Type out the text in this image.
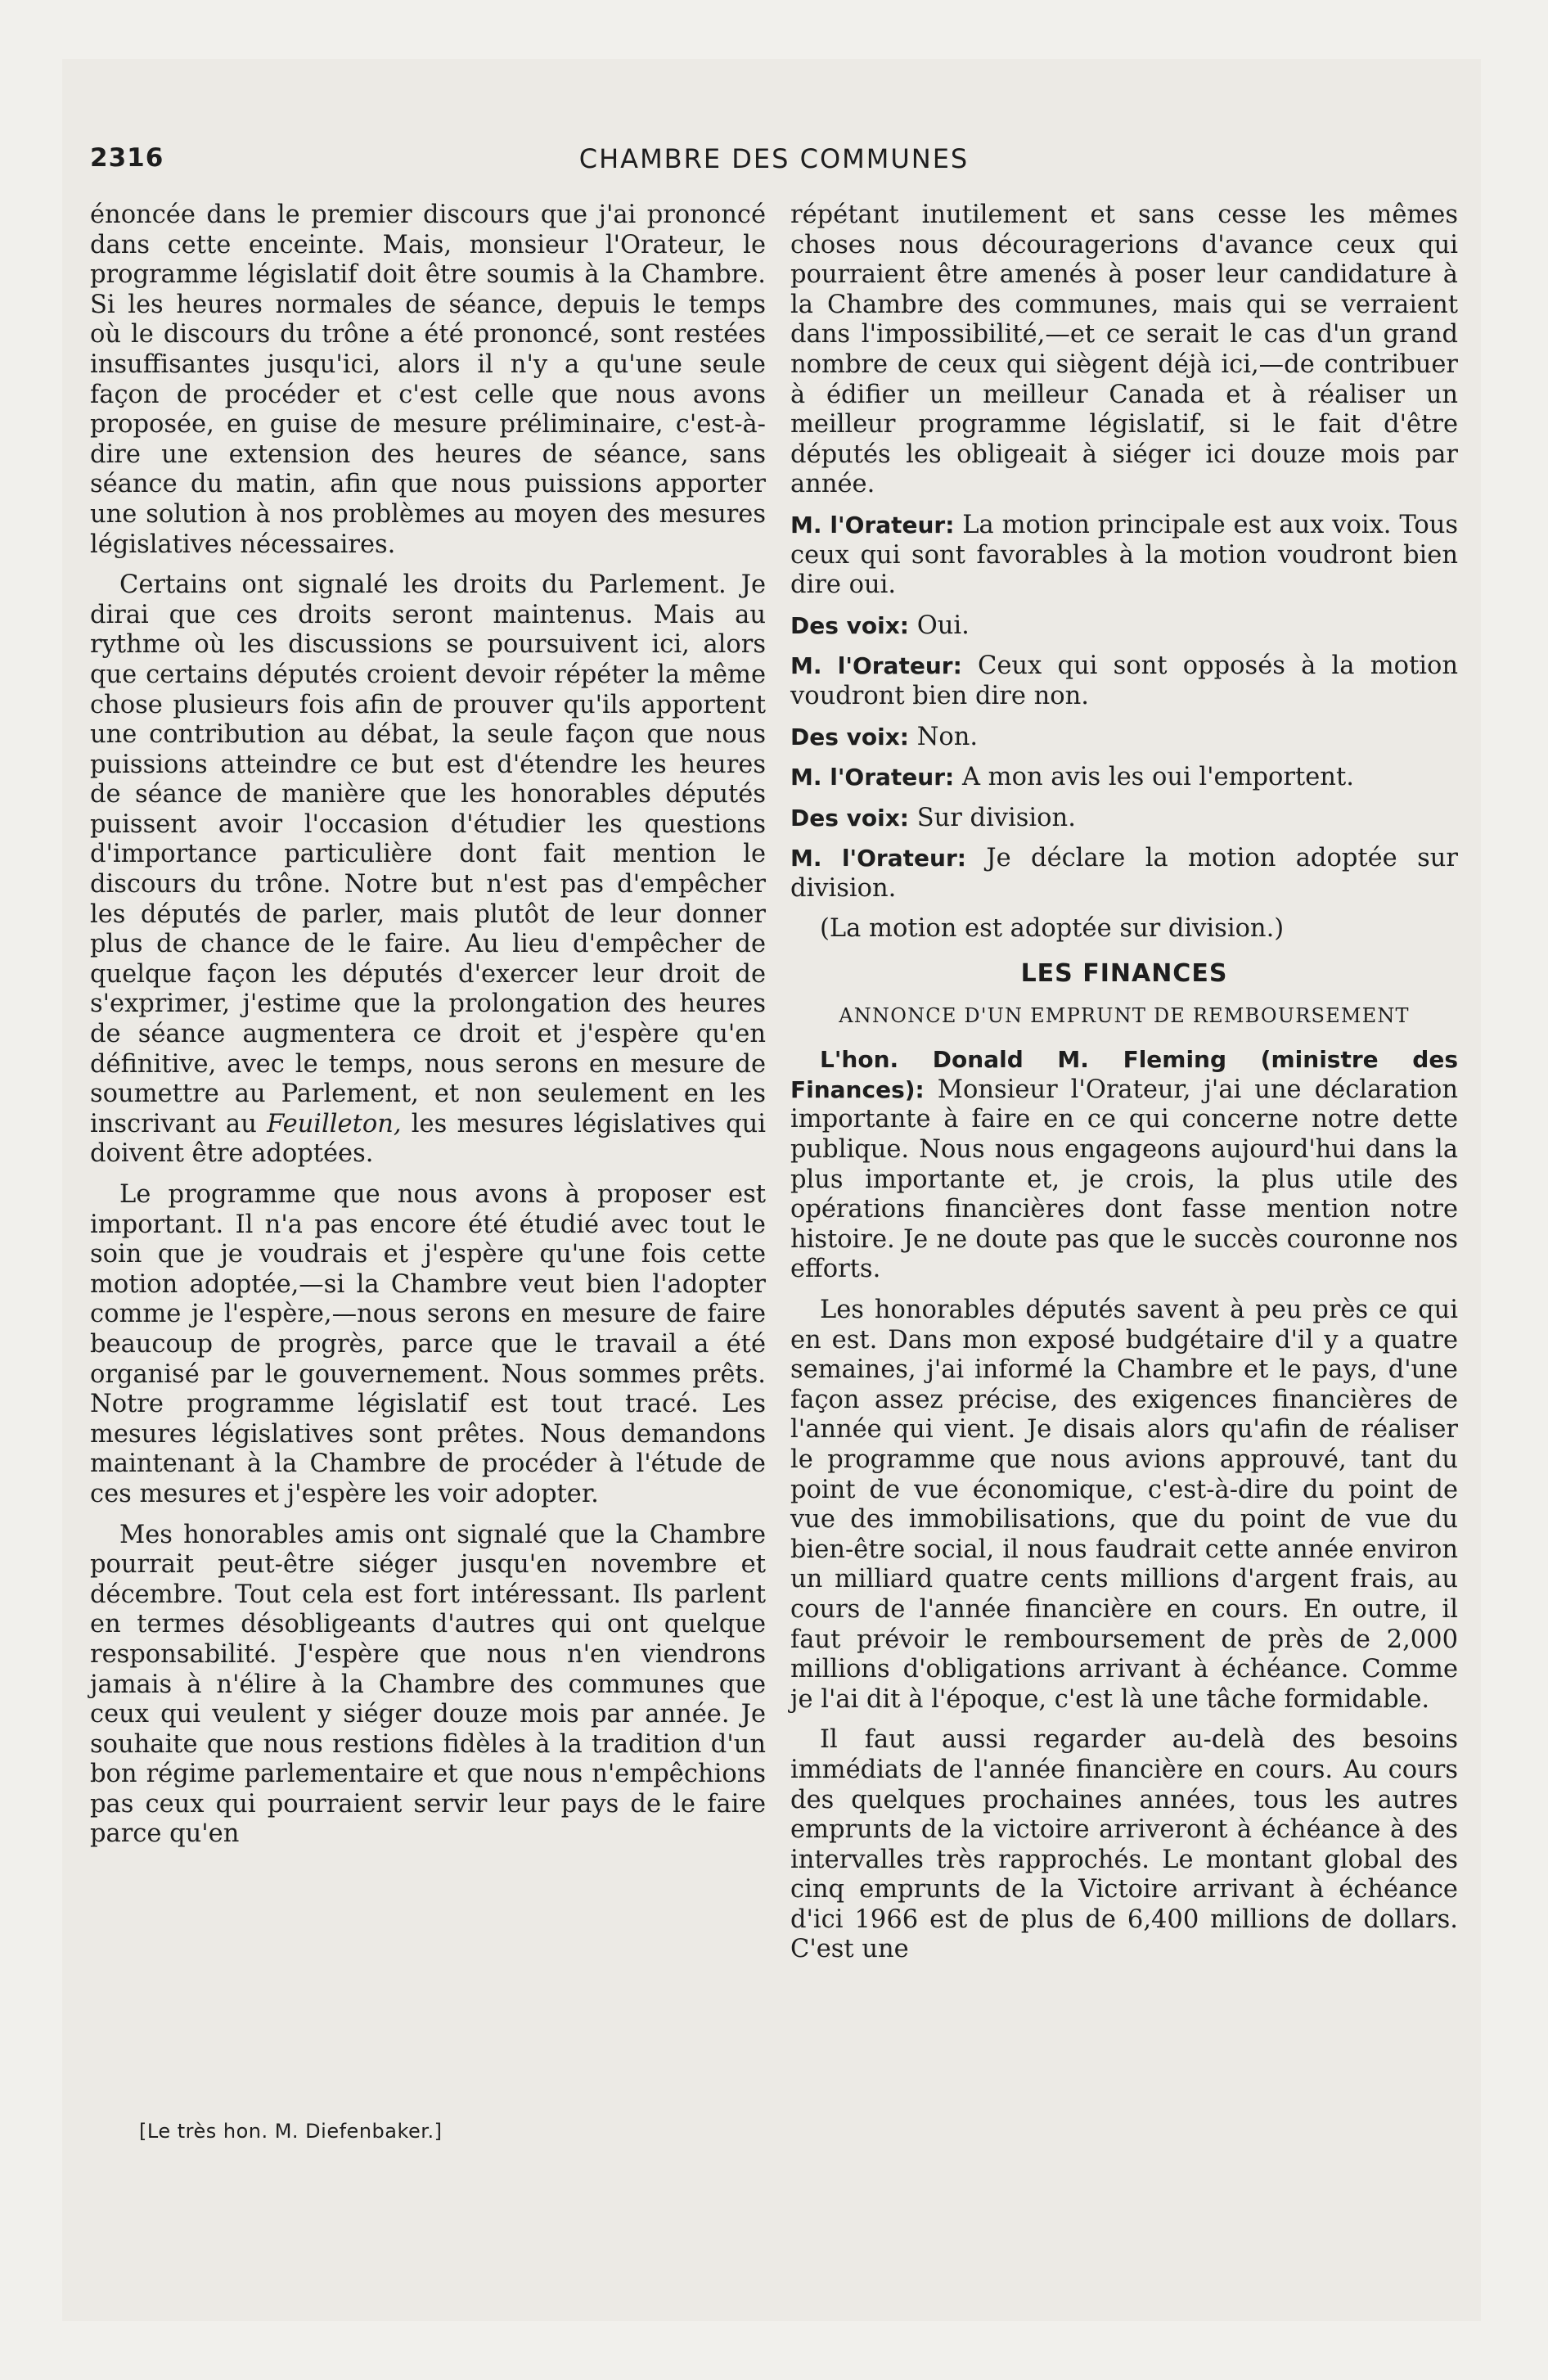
2316	CHAMBRE DES COMMUNES

énoncée dans le premier discours que j'ai prononcé dans cette enceinte. Mais, monsieur l'Orateur, le programme législatif doit être soumis à la Chambre. Si les heures normales de séance, depuis le temps où le discours du trône a été prononcé, sont restées insuffisantes jusqu'ici, alors il n'y a qu'une seule façon de procéder et c'est celle que nous avons proposée, en guise de mesure préliminaire, c'est-à-dire une extension des heures de séance, sans séance du matin, afin que nous puissions apporter une solution à nos problèmes au moyen des mesures législatives nécessaires.

Certains ont signalé les droits du Parlement. Je dirai que ces droits seront maintenus. Mais au rythme où les discussions se poursuivent ici, alors que certains députés croient devoir répéter la même chose plusieurs fois afin de prouver qu'ils apportent une contribution au débat, la seule façon que nous puissions atteindre ce but est d'étendre les heures de séance de manière que les honorables députés puissent avoir l'occasion d'étudier les questions d'importance particulière dont fait mention le discours du trône. Notre but n'est pas d'empêcher les députés de parler, mais plutôt de leur donner plus de chance de le faire. Au lieu d'empêcher de quelque façon les députés d'exercer leur droit de s'exprimer, j'estime que la prolongation des heures de séance augmentera ce droit et j'espère qu'en définitive, avec le temps, nous serons en mesure de soumettre au Parlement, et non seulement en les inscrivant au Feuilleton, les mesures législatives qui doivent être adoptées.

Le programme que nous avons à proposer est important. Il n'a pas encore été étudié avec tout le soin que je voudrais et j'espère qu'une fois cette motion adoptée,—si la Chambre veut bien l'adopter comme je l'espère,—nous serons en mesure de faire beaucoup de progrès, parce que le travail a été organisé par le gouvernement. Nous sommes prêts. Notre programme législatif est tout tracé. Les mesures législatives sont prêtes. Nous demandons maintenant à la Chambre de procéder à l'étude de ces mesures et j'espère les voir adopter.

Mes honorables amis ont signalé que la Chambre pourrait peut-être siéger jusqu'en novembre et décembre. Tout cela est fort intéressant. Ils parlent en termes désobligeants d'autres qui ont quelque responsabilité. J'espère que nous n'en viendrons jamais à n'élire à la Chambre des communes que ceux qui veulent y siéger douze mois par année. Je souhaite que nous restions fidèles à la tradition d'un bon régime parlementaire et que nous n'empêchions pas ceux qui pourraient servir leur pays de le faire parce qu'en

répétant inutilement et sans cesse les mêmes choses nous découragerions d'avance ceux qui pourraient être amenés à poser leur candidature à la Chambre des communes, mais qui se verraient dans l'impossibilité,—et ce serait le cas d'un grand nombre de ceux qui siègent déjà ici,—de contribuer à édifier un meilleur Canada et à réaliser un meilleur programme législatif, si le fait d'être députés les obligeait à siéger ici douze mois par année.

M. l'Orateur: La motion principale est aux voix. Tous ceux qui sont favorables à la motion voudront bien dire oui.

Des voix: Oui.

M. l'Orateur: Ceux qui sont opposés à la motion voudront bien dire non.

Des voix: Non.

M. l'Orateur: A mon avis les oui l'emportent.

Des voix: Sur division.

M. l'Orateur: Je déclare la motion adoptée sur division.

(La motion est adoptée sur division.)

LES FINANCES
ANNONCE D'UN EMPRUNT DE REMBOURSEMENT

L'hon. Donald M. Fleming (ministre des Finances): Monsieur l'Orateur, j'ai une déclaration importante à faire en ce qui concerne notre dette publique. Nous nous engageons aujourd'hui dans la plus importante et, je crois, la plus utile des opérations financières dont fasse mention notre histoire. Je ne doute pas que le succès couronne nos efforts.

Les honorables députés savent à peu près ce qui en est. Dans mon exposé budgétaire d'il y a quatre semaines, j'ai informé la Chambre et le pays, d'une façon assez précise, des exigences financières de l'année qui vient. Je disais alors qu'afin de réaliser le programme que nous avions approuvé, tant du point de vue économique, c'est-à-dire du point de vue des immobilisations, que du point de vue du bien-être social, il nous faudrait cette année environ un milliard quatre cents millions d'argent frais, au cours de l'année financière en cours. En outre, il faut prévoir le remboursement de près de 2,000 millions d'obligations arrivant à échéance. Comme je l'ai dit à l'époque, c'est là une tâche formidable.

Il faut aussi regarder au-delà des besoins immédiats de l'année financière en cours. Au cours des quelques prochaines années, tous les autres emprunts de la victoire arriveront à échéance à des intervalles très rapprochés. Le montant global des cinq emprunts de la Victoire arrivant à échéance d'ici 1966 est de plus de 6,400 millions de dollars. C'est une

[Le très hon. M. Diefenbaker.]
